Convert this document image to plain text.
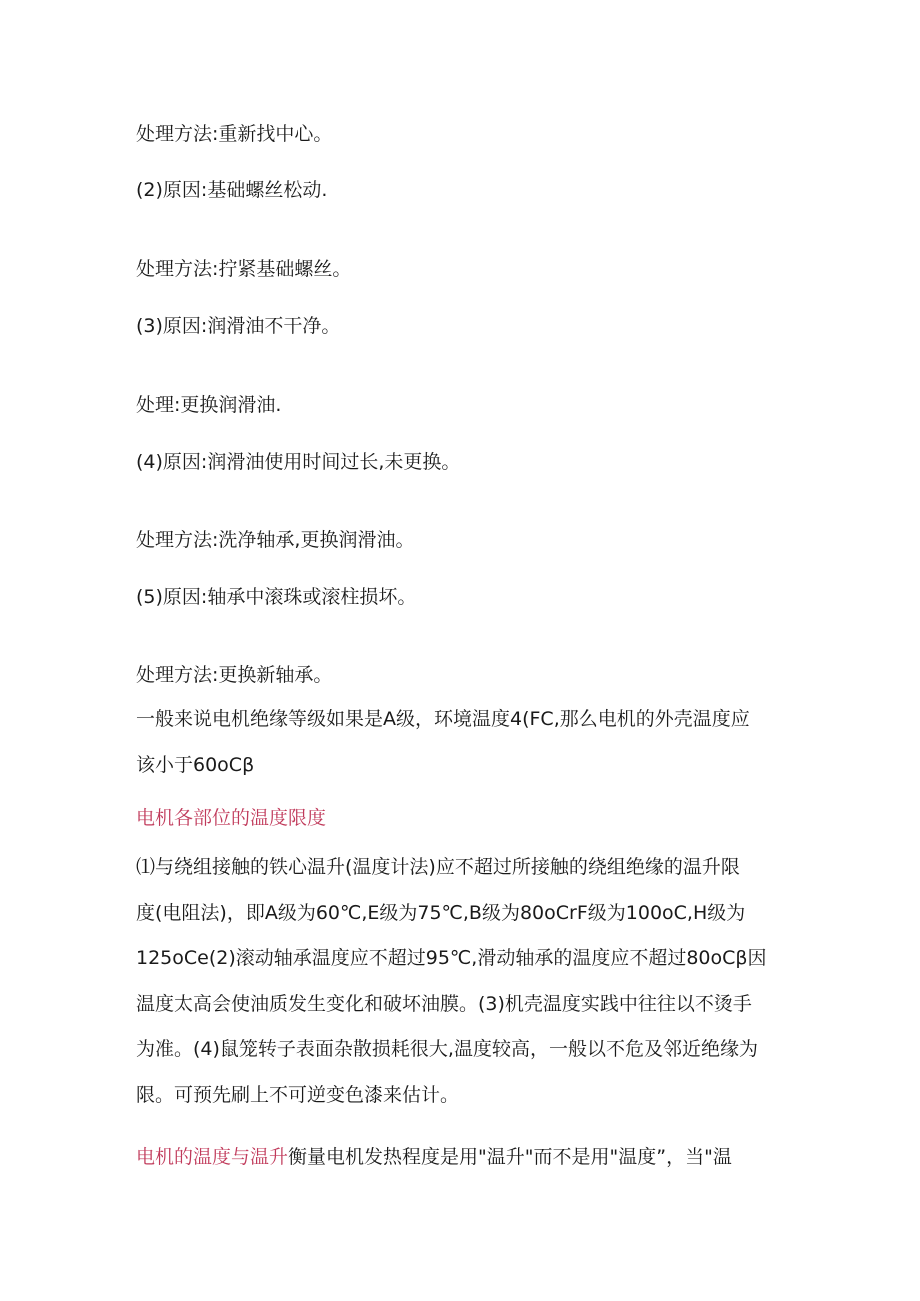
处理方法:重新找中心。
(2)原因:基础螺丝松动.
处理方法:拧紧基础螺丝。
(3)原因:润滑油不干净。
处理:更换润滑油.
(4)原因:润滑油使用时间过长,未更换。
处理方法:洗净轴承,更换润滑油。
(5)原因:轴承中滚珠或滚柱损坏。
处理方法:更换新轴承。
一般来说电机绝缘等级如果是A级，环境温度4(FC,那么电机的外壳温度应
该小于60oCβ
电机各部位的温度限度
⑴与绕组接触的铁心温升(温度计法)应不超过所接触的绕组绝缘的温升限
度(电阻法)，即A级为60℃,E级为75℃,B级为80oCrF级为100oC,H级为
125oCe(2)滚动轴承温度应不超过95℃,滑动轴承的温度应不超过80oCβ因
温度太高会使油质发生变化和破坏油膜。(3)机壳温度实践中往往以不烫手
为准。(4)鼠笼转子表面杂散损耗很大,温度较高，一般以不危及邻近绝缘为
限。可预先刷上不可逆变色漆来估计。
电机的温度与温升衡量电机发热程度是用"温升"而不是用"温度”，当"温
